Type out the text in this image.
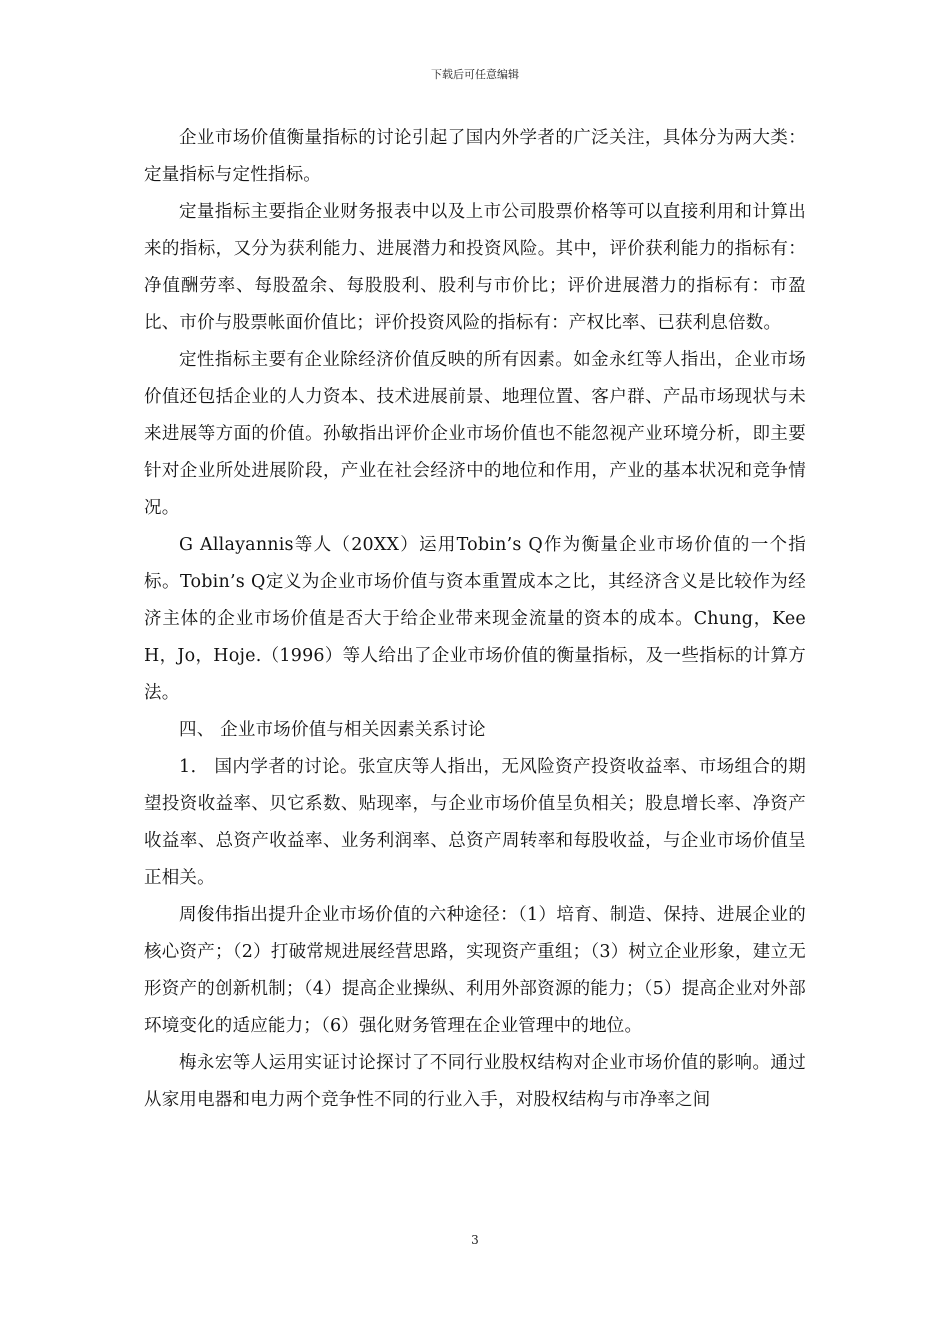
下载后可任意编辑

企业市场价值衡量指标的讨论引起了国内外学者的广泛关注，具体分为两大类：定量指标与定性指标。

定量指标主要指企业财务报表中以及上市公司股票价格等可以直接利用和计算出来的指标，又分为获利能力、进展潜力和投资风险。其中，评价获利能力的指标有：净值酬劳率、每股盈余、每股股利、股利与市价比；评价进展潜力的指标有：市盈比、市价与股票帐面价值比；评价投资风险的指标有：产权比率、已获利息倍数。

定性指标主要有企业除经济价值反映的所有因素。如金永红等人指出，企业市场价值还包括企业的人力资本、技术进展前景、地理位置、客户群、产品市场现状与未来进展等方面的价值。孙敏指出评价企业市场价值也不能忽视产业环境分析，即主要针对企业所处进展阶段，产业在社会经济中的地位和作用，产业的基本状况和竞争情况。

G Allayannis等人（20XX）运用Tobin’s Q作为衡量企业市场价值的一个指标。Tobin’s Q定义为企业市场价值与资本重置成本之比，其经济含义是比较作为经济主体的企业市场价值是否大于给企业带来现金流量的资本的成本。Chung，Kee H，Jo，Hoje.（1996）等人给出了企业市场价值的衡量指标，及一些指标的计算方法。

四、 企业市场价值与相关因素关系讨论

1． 国内学者的讨论。张宣庆等人指出，无风险资产投资收益率、市场组合的期望投资收益率、贝它系数、贴现率，与企业市场价值呈负相关；股息增长率、净资产收益率、总资产收益率、业务利润率、总资产周转率和每股收益，与企业市场价值呈正相关。

周俊伟指出提升企业市场价值的六种途径：（1）培育、制造、保持、进展企业的核心资产；（2）打破常规进展经营思路，实现资产重组；（3）树立企业形象，建立无形资产的创新机制；（4）提高企业操纵、利用外部资源的能力；（5）提高企业对外部环境变化的适应能力；（6）强化财务管理在企业管理中的地位。

梅永宏等人运用实证讨论探讨了不同行业股权结构对企业市场价值的影响。通过从家用电器和电力两个竞争性不同的行业入手，对股权结构与市净率之间

3
